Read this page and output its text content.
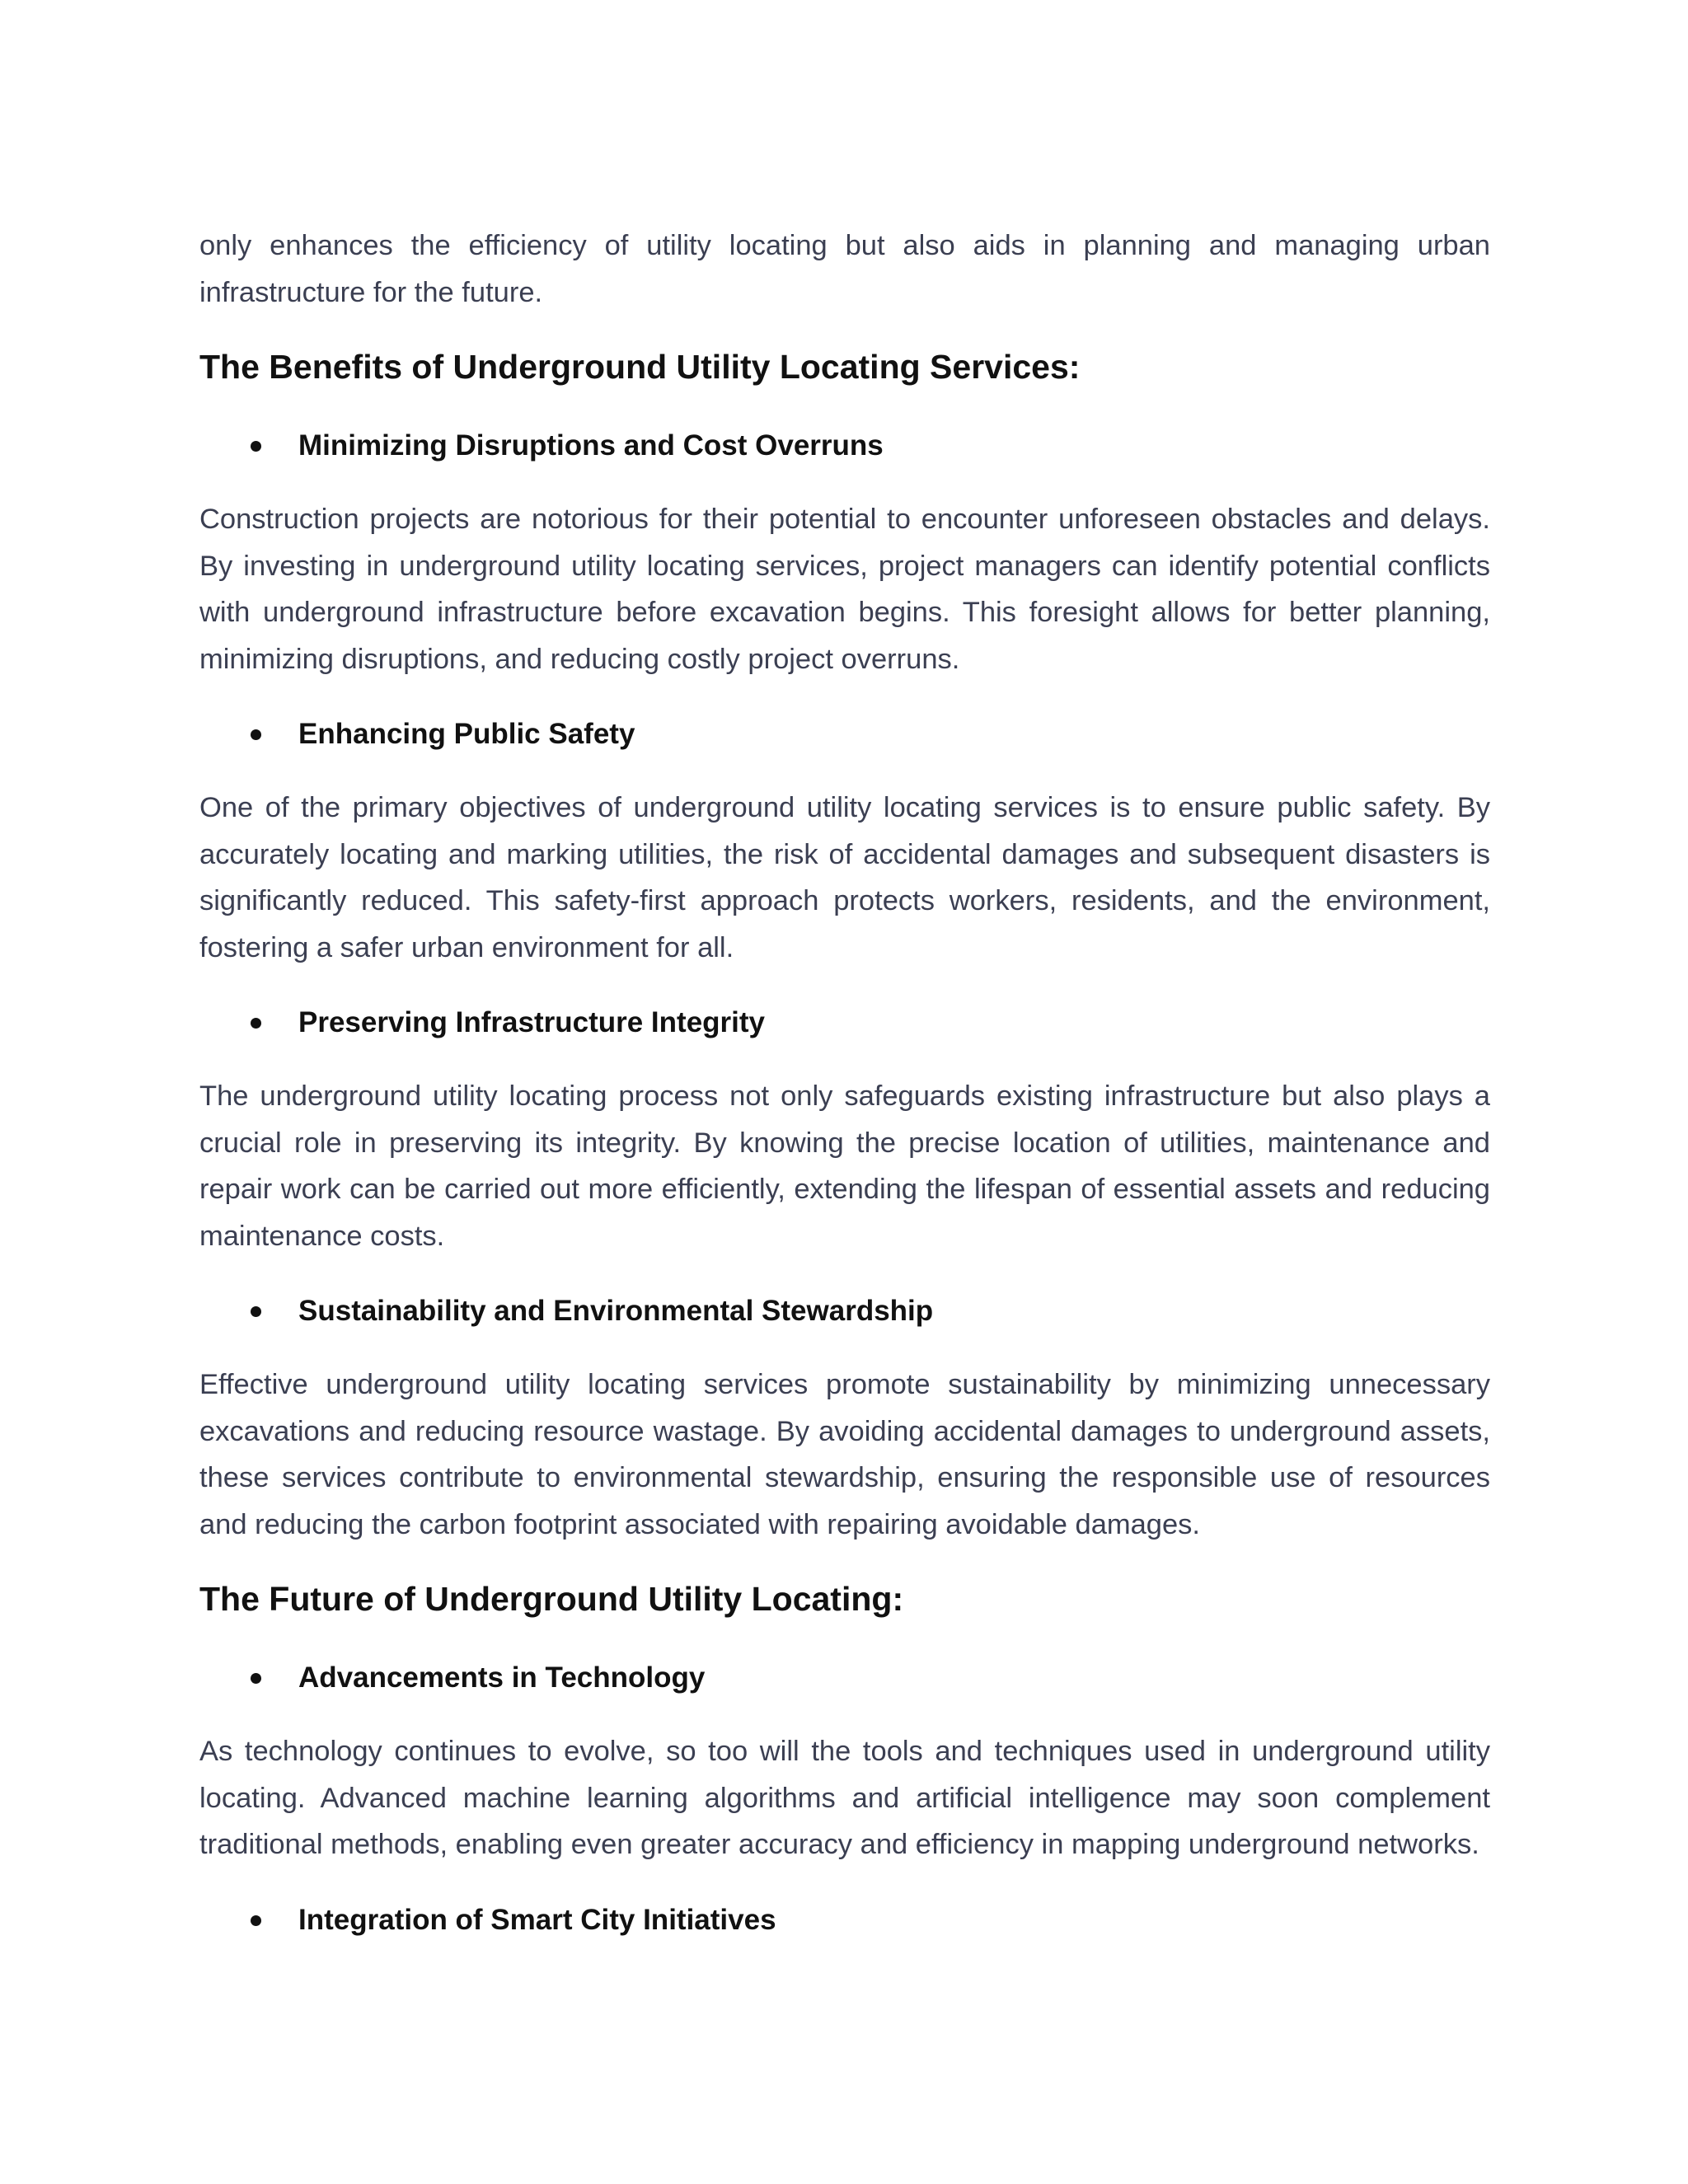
only enhances the efficiency of utility locating but also aids in planning and managing urban infrastructure for the future.

The Benefits of Underground Utility Locating Services:
Minimizing Disruptions and Cost Overruns

Construction projects are notorious for their potential to encounter unforeseen obstacles and delays. By investing in underground utility locating services, project managers can identify potential conflicts with underground infrastructure before excavation begins. This foresight allows for better planning, minimizing disruptions, and reducing costly project overruns.

Enhancing Public Safety

One of the primary objectives of underground utility locating services is to ensure public safety. By accurately locating and marking utilities, the risk of accidental damages and subsequent disasters is significantly reduced. This safety-first approach protects workers, residents, and the environment, fostering a safer urban environment for all.

Preserving Infrastructure Integrity

The underground utility locating process not only safeguards existing infrastructure but also plays a crucial role in preserving its integrity. By knowing the precise location of utilities, maintenance and repair work can be carried out more efficiently, extending the lifespan of essential assets and reducing maintenance costs.

Sustainability and Environmental Stewardship

Effective underground utility locating services promote sustainability by minimizing unnecessary excavations and reducing resource wastage. By avoiding accidental damages to underground assets, these services contribute to environmental stewardship, ensuring the responsible use of resources and reducing the carbon footprint associated with repairing avoidable damages.

The Future of Underground Utility Locating:
Advancements in Technology

As technology continues to evolve, so too will the tools and techniques used in underground utility locating. Advanced machine learning algorithms and artificial intelligence may soon complement traditional methods, enabling even greater accuracy and efficiency in mapping underground networks.

Integration of Smart City Initiatives
